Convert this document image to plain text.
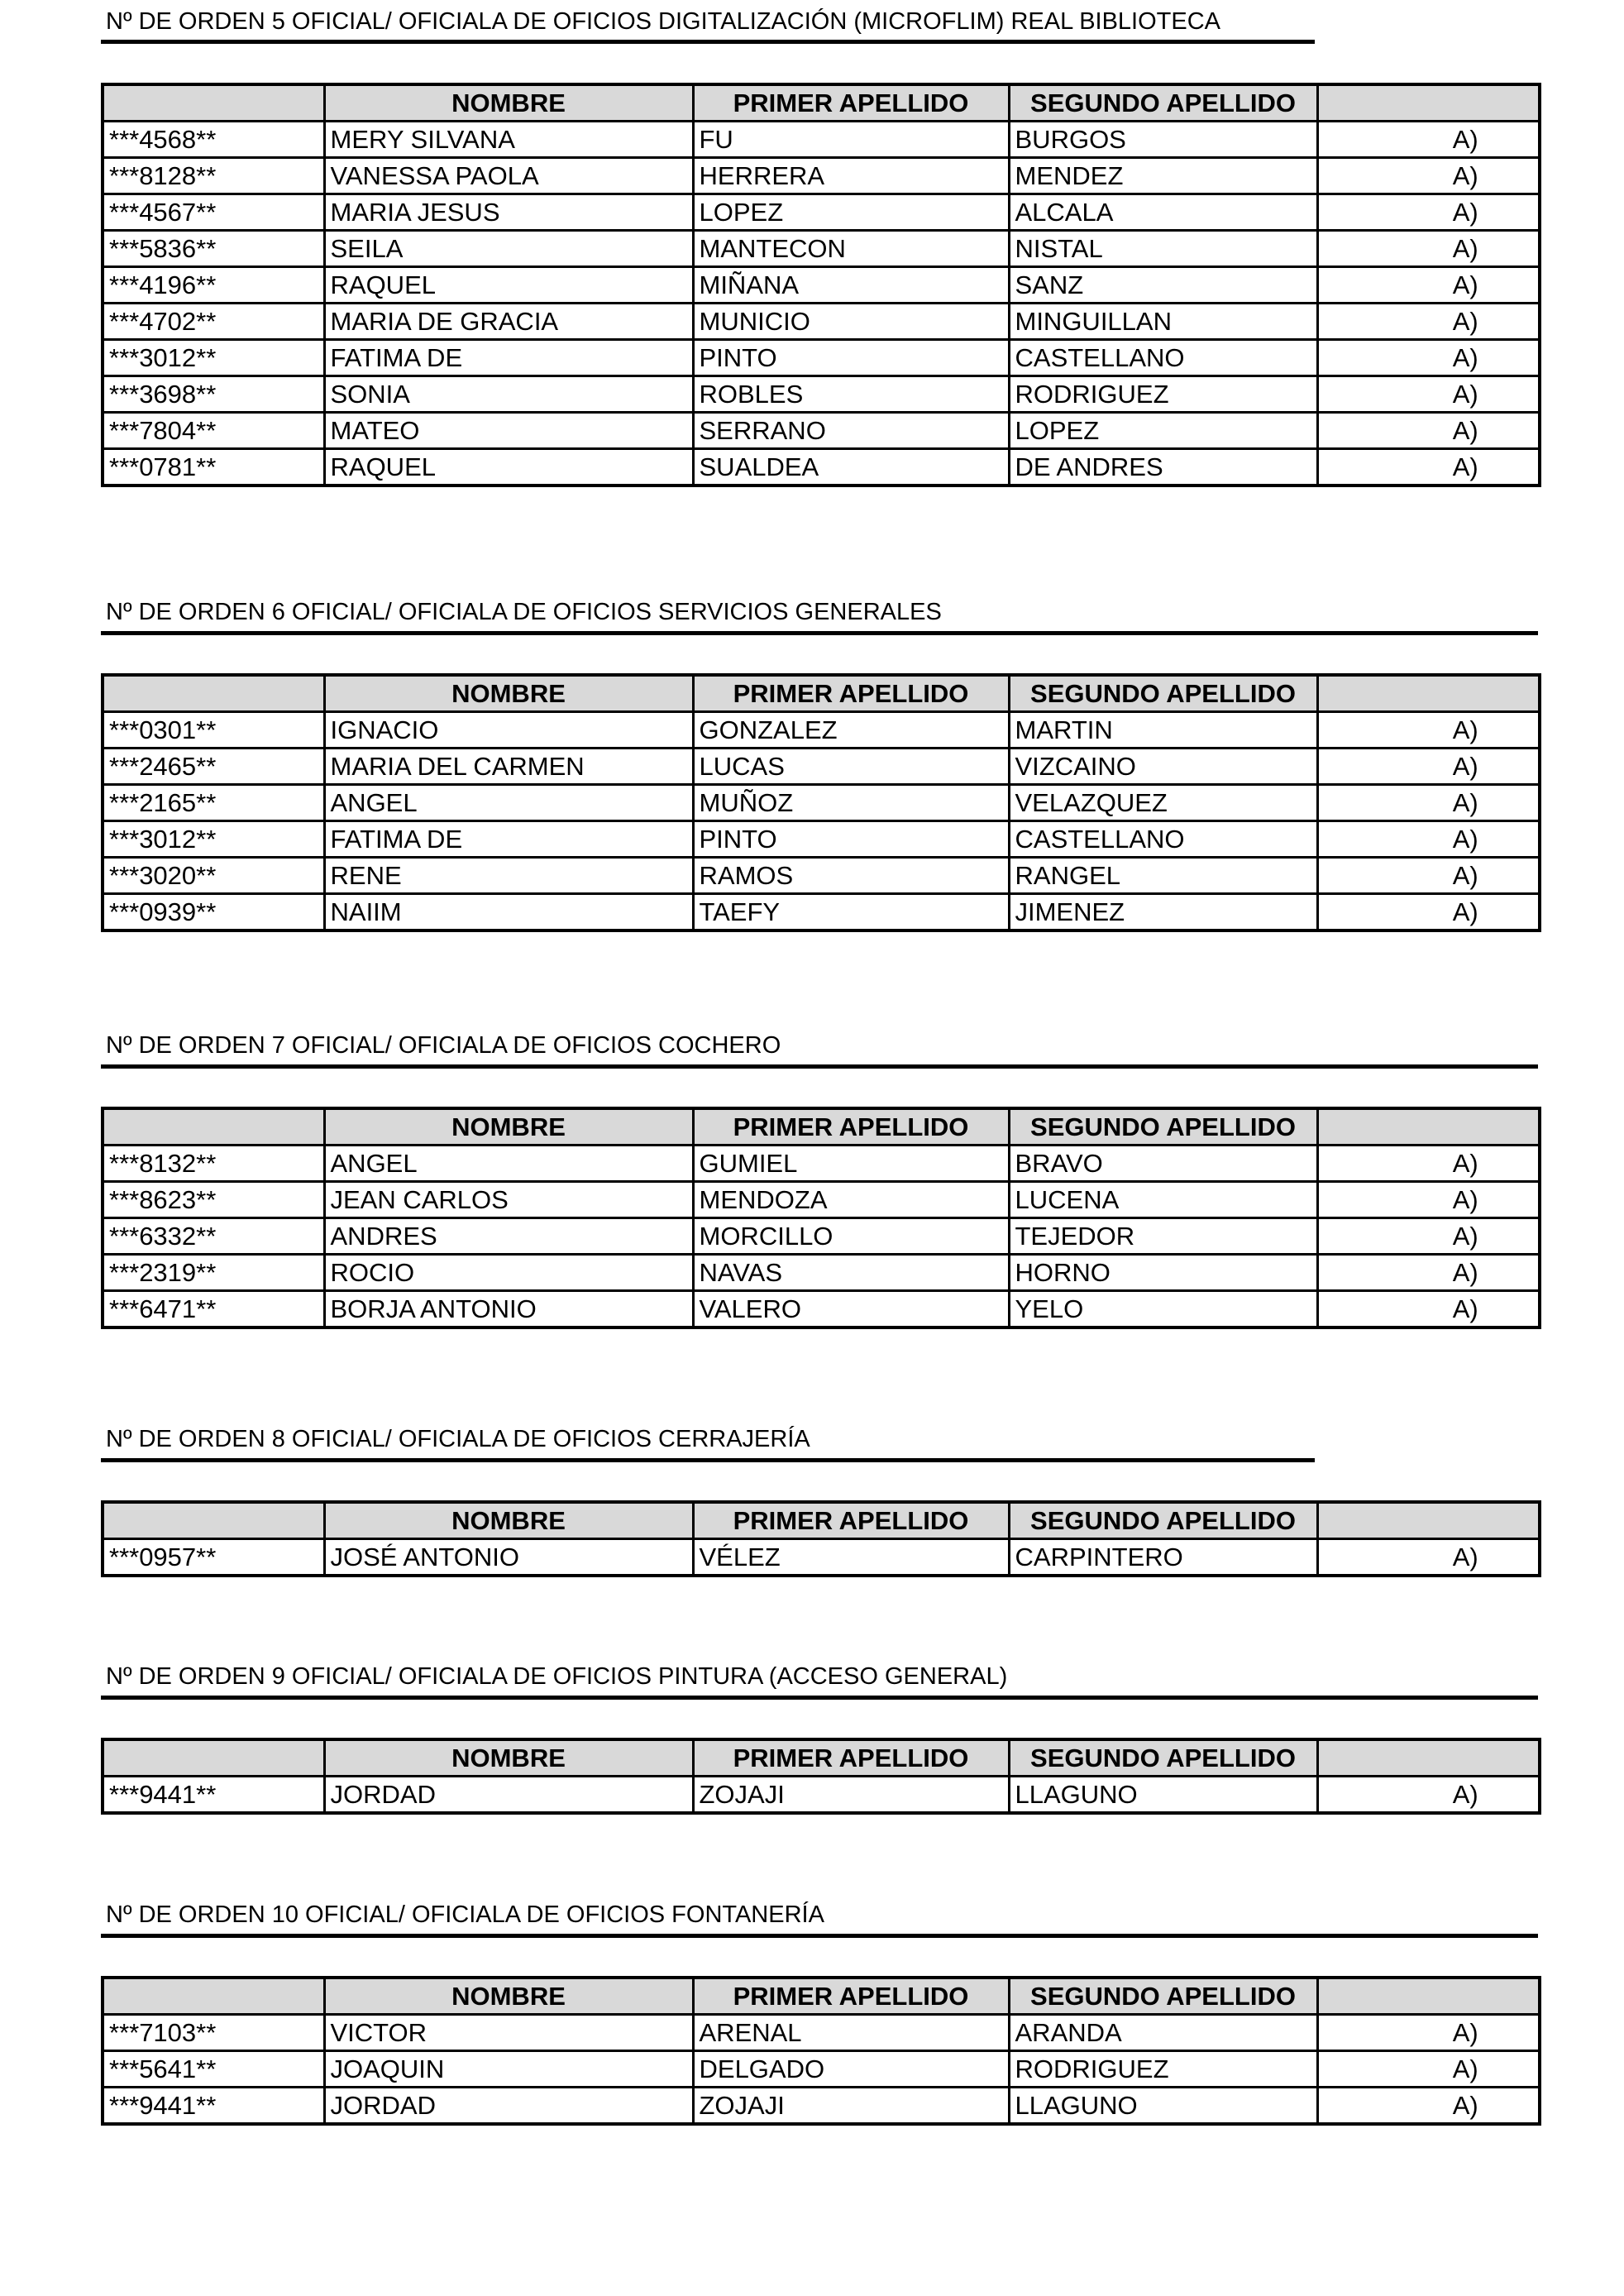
Nº DE ORDEN 5 OFICIAL/ OFICIALA DE OFICIOS DIGITALIZACIÓN (MICROFLIM) REAL BIBLIOTECA
	NOMBRE	PRIMER APELLIDO	SEGUNDO APELLIDO	
***4568**	MERY SILVANA	FU	BURGOS	A)
***8128**	VANESSA PAOLA	HERRERA	MENDEZ	A)
***4567**	MARIA JESUS	LOPEZ	ALCALA	A)
***5836**	SEILA	MANTECON	NISTAL	A)
***4196**	RAQUEL	MIÑANA	SANZ	A)
***4702**	MARIA DE GRACIA	MUNICIO	MINGUILLAN	A)
***3012**	FATIMA DE	PINTO	CASTELLANO	A)
***3698**	SONIA	ROBLES	RODRIGUEZ	A)
***7804**	MATEO	SERRANO	LOPEZ	A)
***0781**	RAQUEL	SUALDEA	DE ANDRES	A)
Nº DE ORDEN 6 OFICIAL/ OFICIALA DE OFICIOS SERVICIOS GENERALES
	NOMBRE	PRIMER APELLIDO	SEGUNDO APELLIDO	
***0301**	IGNACIO	GONZALEZ	MARTIN	A)
***2465**	MARIA DEL CARMEN	LUCAS	VIZCAINO	A)
***2165**	ANGEL	MUÑOZ	VELAZQUEZ	A)
***3012**	FATIMA DE	PINTO	CASTELLANO	A)
***3020**	RENE	RAMOS	RANGEL	A)
***0939**	NAIIM	TAEFY	JIMENEZ	A)
Nº DE ORDEN 7 OFICIAL/ OFICIALA DE OFICIOS COCHERO
	NOMBRE	PRIMER APELLIDO	SEGUNDO APELLIDO	
***8132**	ANGEL	GUMIEL	BRAVO	A)
***8623**	JEAN CARLOS	MENDOZA	LUCENA	A)
***6332**	ANDRES	MORCILLO	TEJEDOR	A)
***2319**	ROCIO	NAVAS	HORNO	A)
***6471**	BORJA ANTONIO	VALERO	YELO	A)
Nº DE ORDEN 8 OFICIAL/ OFICIALA DE OFICIOS CERRAJERÍA
	NOMBRE	PRIMER APELLIDO	SEGUNDO APELLIDO	
***0957**	JOSÉ ANTONIO	VÉLEZ	CARPINTERO	A)
Nº DE ORDEN 9 OFICIAL/ OFICIALA DE OFICIOS PINTURA (ACCESO GENERAL)
	NOMBRE	PRIMER APELLIDO	SEGUNDO APELLIDO	
***9441**	JORDAD	ZOJAJI	LLAGUNO	A)
Nº DE ORDEN 10 OFICIAL/ OFICIALA DE OFICIOS FONTANERÍA
	NOMBRE	PRIMER APELLIDO	SEGUNDO APELLIDO	
***7103**	VICTOR	ARENAL	ARANDA	A)
***5641**	JOAQUIN	DELGADO	RODRIGUEZ	A)
***9441**	JORDAD	ZOJAJI	LLAGUNO	A)
